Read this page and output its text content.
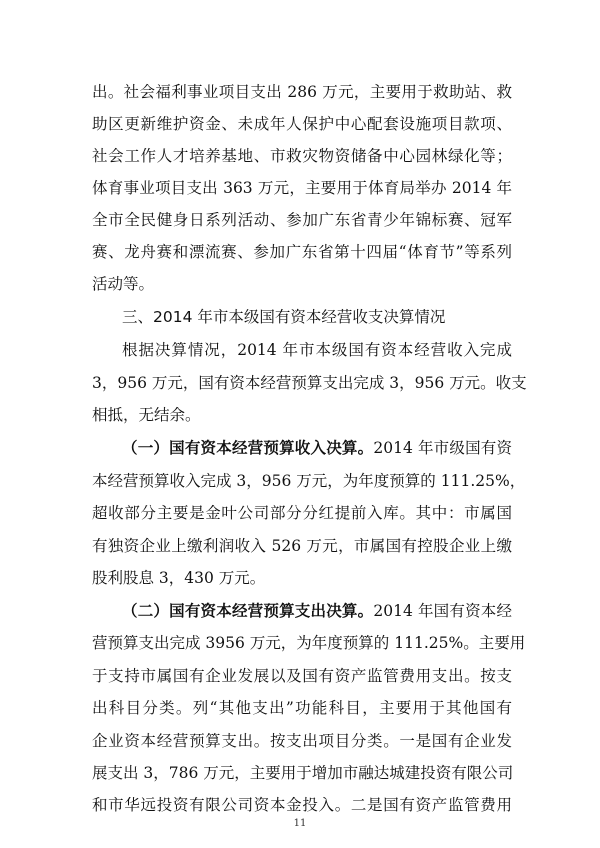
出。社会福利事业项目支出 286 万元，主要用于救助站、救
助区更新维护资金、未成年人保护中心配套设施项目款项、
社会工作人才培养基地、市救灾物资储备中心园林绿化等；
体育事业项目支出 363 万元，主要用于体育局举办 2014 年
全市全民健身日系列活动、参加广东省青少年锦标赛、冠军
赛、龙舟赛和漂流赛、参加广东省第十四届“体育节”等系列
活动等。
三、2014 年市本级国有资本经营收支决算情况
根据决算情况，2014 年市本级国有资本经营收入完成
3，956 万元，国有资本经营预算支出完成 3，956 万元。收支
相抵，无结余。
（一）国有资本经营预算收入决算。2014 年市级国有资
本经营预算收入完成 3，956 万元，为年度预算的 111.25%，
超收部分主要是金叶公司部分分红提前入库。其中：市属国
有独资企业上缴利润收入 526 万元，市属国有控股企业上缴
股利股息 3，430 万元。
（二）国有资本经营预算支出决算。2014 年国有资本经
营预算支出完成 3956 万元，为年度预算的 111.25%。主要用
于支持市属国有企业发展以及国有资产监管费用支出。按支
出科目分类。列“其他支出”功能科目，主要用于其他国有
企业资本经营预算支出。按支出项目分类。一是国有企业发
展支出 3，786 万元，主要用于增加市融达城建投资有限公司
和市华远投资有限公司资本金投入。二是国有资产监管费用
11
